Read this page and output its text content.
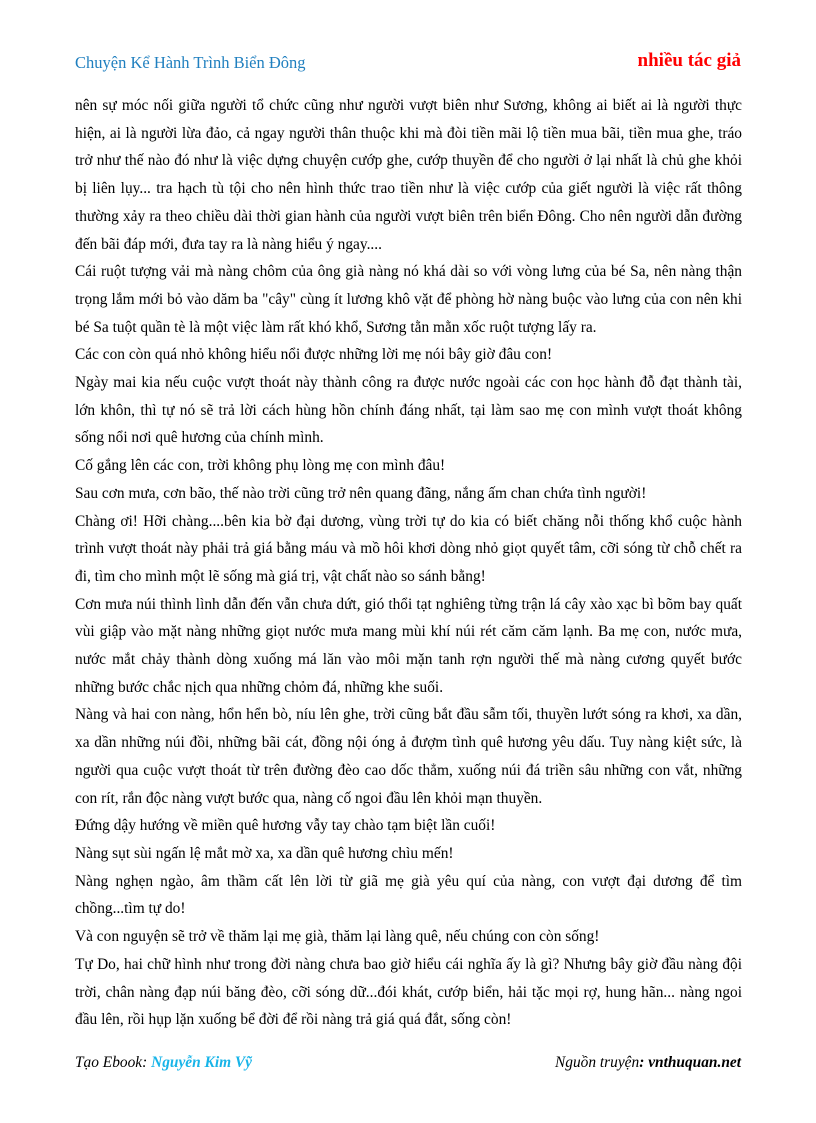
Chuyện Kể Hành Trình Biển Đông	nhiều tác giả

nên sự móc nối giữa người tổ chức cũng như người vượt biên như Sương, không ai biết ai là người thực hiện, ai là người lừa đảo, cả ngay người thân thuộc khi mà đòi tiền mãi lộ tiền mua bãi, tiền mua ghe, tráo trở như thế nào đó như là việc dựng chuyện cướp ghe, cướp thuyền để cho người ở lại nhất là chủ ghe khỏi bị liên lụy... tra hạch tù tội cho nên hình thức trao tiền như là việc cướp của giết người là việc rất thông thường xảy ra theo chiều dài thời gian hành của người vượt biên trên biển Đông. Cho nên người dẫn đường đến bãi đáp mới, đưa tay ra là nàng hiểu ý ngay....

Cái ruột tượng vải mà nàng chôm của ông già nàng nó khá dài so với vòng lưng của bé Sa, nên nàng thận trọng lắm mới bỏ vào dăm ba "cây" cùng ít lương khô vặt để phòng hờ nàng buộc vào lưng của con nên khi bé Sa tuột quần tè là một việc làm rất khó khổ, Sương tằn mằn xốc ruột tượng lấy ra.

Các con còn quá nhỏ không hiểu nổi được những lời mẹ nói bây giờ đâu con!

Ngày mai kia nếu cuộc vượt thoát này thành công ra được nước ngoài các con học hành đỗ đạt thành tài, lớn khôn, thì tự nó sẽ trả lời cách hùng hồn chính đáng nhất, tại làm sao mẹ con mình vượt thoát không sống nổi nơi quê hương của chính mình.

Cố gắng lên các con, trời không phụ lòng mẹ con mình đâu!

Sau cơn mưa, cơn bão, thế nào trời cũng trở nên quang đãng, nắng ấm chan chứa tình người!

Chàng ơi! Hỡi chàng....bên kia bờ đại dương, vùng trời tự do kia có biết chăng nỗi thống khổ cuộc hành trình vượt thoát này phải trả giá bằng máu và mồ hôi khơi dòng nhỏ giọt quyết tâm, cỡi sóng từ chỗ chết ra đi, tìm cho mình một lẽ sống mà giá trị, vật chất nào so sánh bằng!

Cơn mưa núi thình lình dẫn đến vẫn chưa dứt, gió thổi tạt nghiêng từng trận lá cây xào xạc bì bõm bay quất vùi giập vào mặt nàng những giọt nước mưa mang mùi khí núi rét căm căm lạnh. Ba mẹ con, nước mưa, nước mắt chảy thành dòng xuống má lăn vào môi mặn tanh rợn người thế mà nàng cương quyết bước những bước chắc nịch qua những chỏm đá, những khe suối.

Nàng và hai con nàng, hổn hển bò, níu lên ghe, trời cũng bắt đầu sẫm tối, thuyền lướt sóng ra khơi, xa dần, xa dần những núi đồi, những bãi cát, đồng nội óng ả đượm tình quê hương yêu dấu. Tuy nàng kiệt sức, là người qua cuộc vượt thoát từ trên đường đèo cao dốc thẳm, xuống núi đá triền sâu những con vắt, những con rít, rắn độc nàng vượt bước qua, nàng cố ngoi đầu lên khỏi mạn thuyền.

Đứng dậy hướng về miền quê hương vẫy tay chào tạm biệt lần cuối!

Nàng sụt sùi ngấn lệ mắt mờ xa, xa dần quê hương chìu mến!

Nàng nghẹn ngào, âm thầm cất lên lời từ giã mẹ già yêu quí của nàng, con vượt đại dương để tìm chồng...tìm tự do!

Và con nguyện sẽ trở về thăm lại mẹ già, thăm lại làng quê, nếu chúng con còn sống!

Tự Do, hai chữ hình như trong đời nàng chưa bao giờ hiểu cái nghĩa ấy là gì? Nhưng bây giờ đầu nàng đội trời, chân nàng đạp núi băng đèo, cỡi sóng dữ...đói khát, cướp biển, hải tặc mọi rợ, hung hãn... nàng ngoi đầu lên, rồi hụp lặn xuống bể đời để rồi nàng trả giá quá đắt, sống còn!

Tạo Ebook: Nguyễn Kim Vỹ	Nguồn truyện: vnthuquan.net
